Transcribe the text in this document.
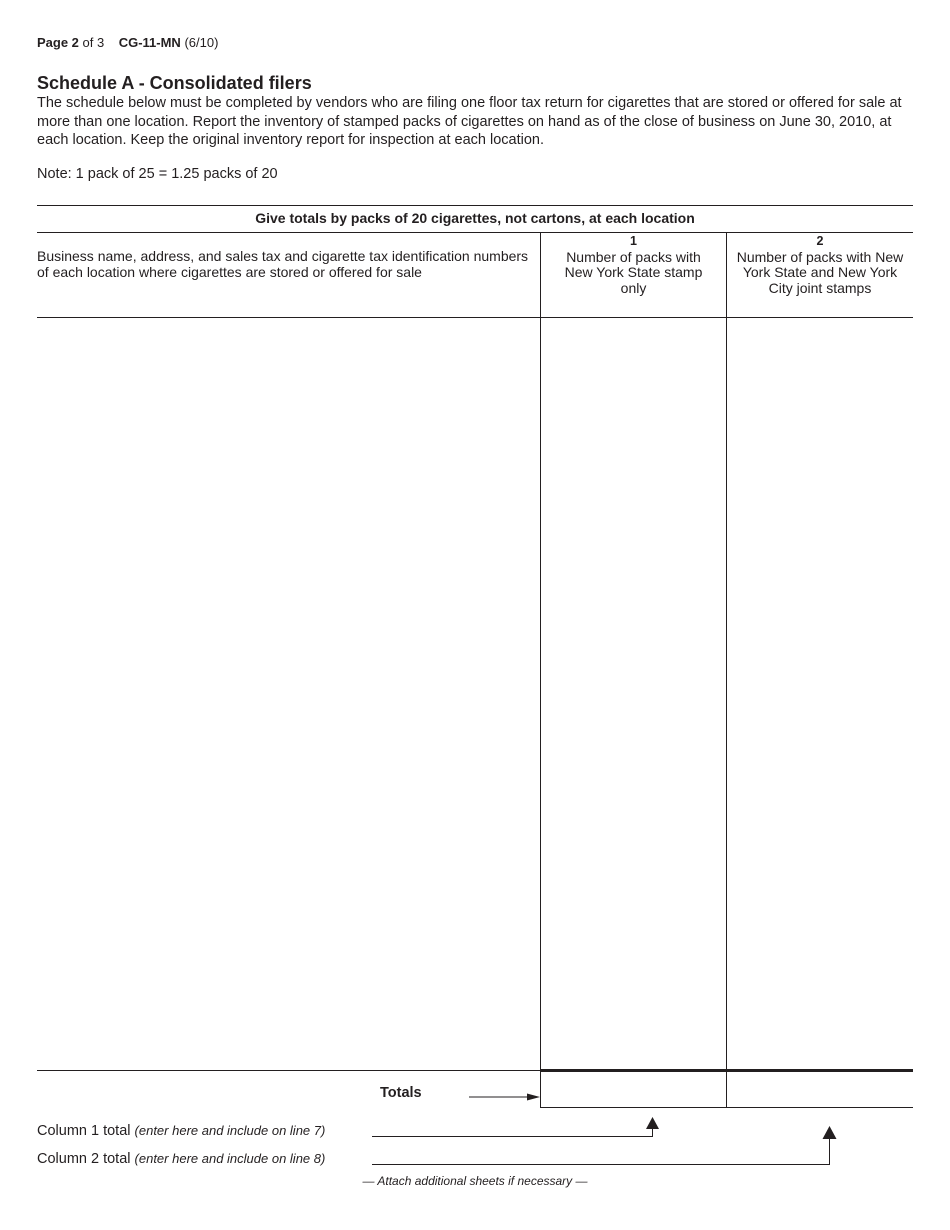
Page 2 of 3 CG-11-MN (6/10)
Schedule A - Consolidated filers
The schedule below must be completed by vendors who are filing one floor tax return for cigarettes that are stored or offered for sale at more than one location. Report the inventory of stamped packs of cigarettes on hand as of the close of business on June 30, 2010, at each location. Keep the original inventory report for inspection at each location.
Note: 1 pack of 25 = 1.25 packs of 20
Give totals by packs of 20 cigarettes, not cartons, at each location
Business name, address, and sales tax and cigarette tax identification numbers of each location where cigarettes are stored or offered for sale
1
Number of packs with New York State stamp only
2
Number of packs with New York State and New York City joint stamps
Totals
Column 1 total (enter here and include on line 7)
Column 2 total (enter here and include on line 8)
— Attach additional sheets if necessary —
